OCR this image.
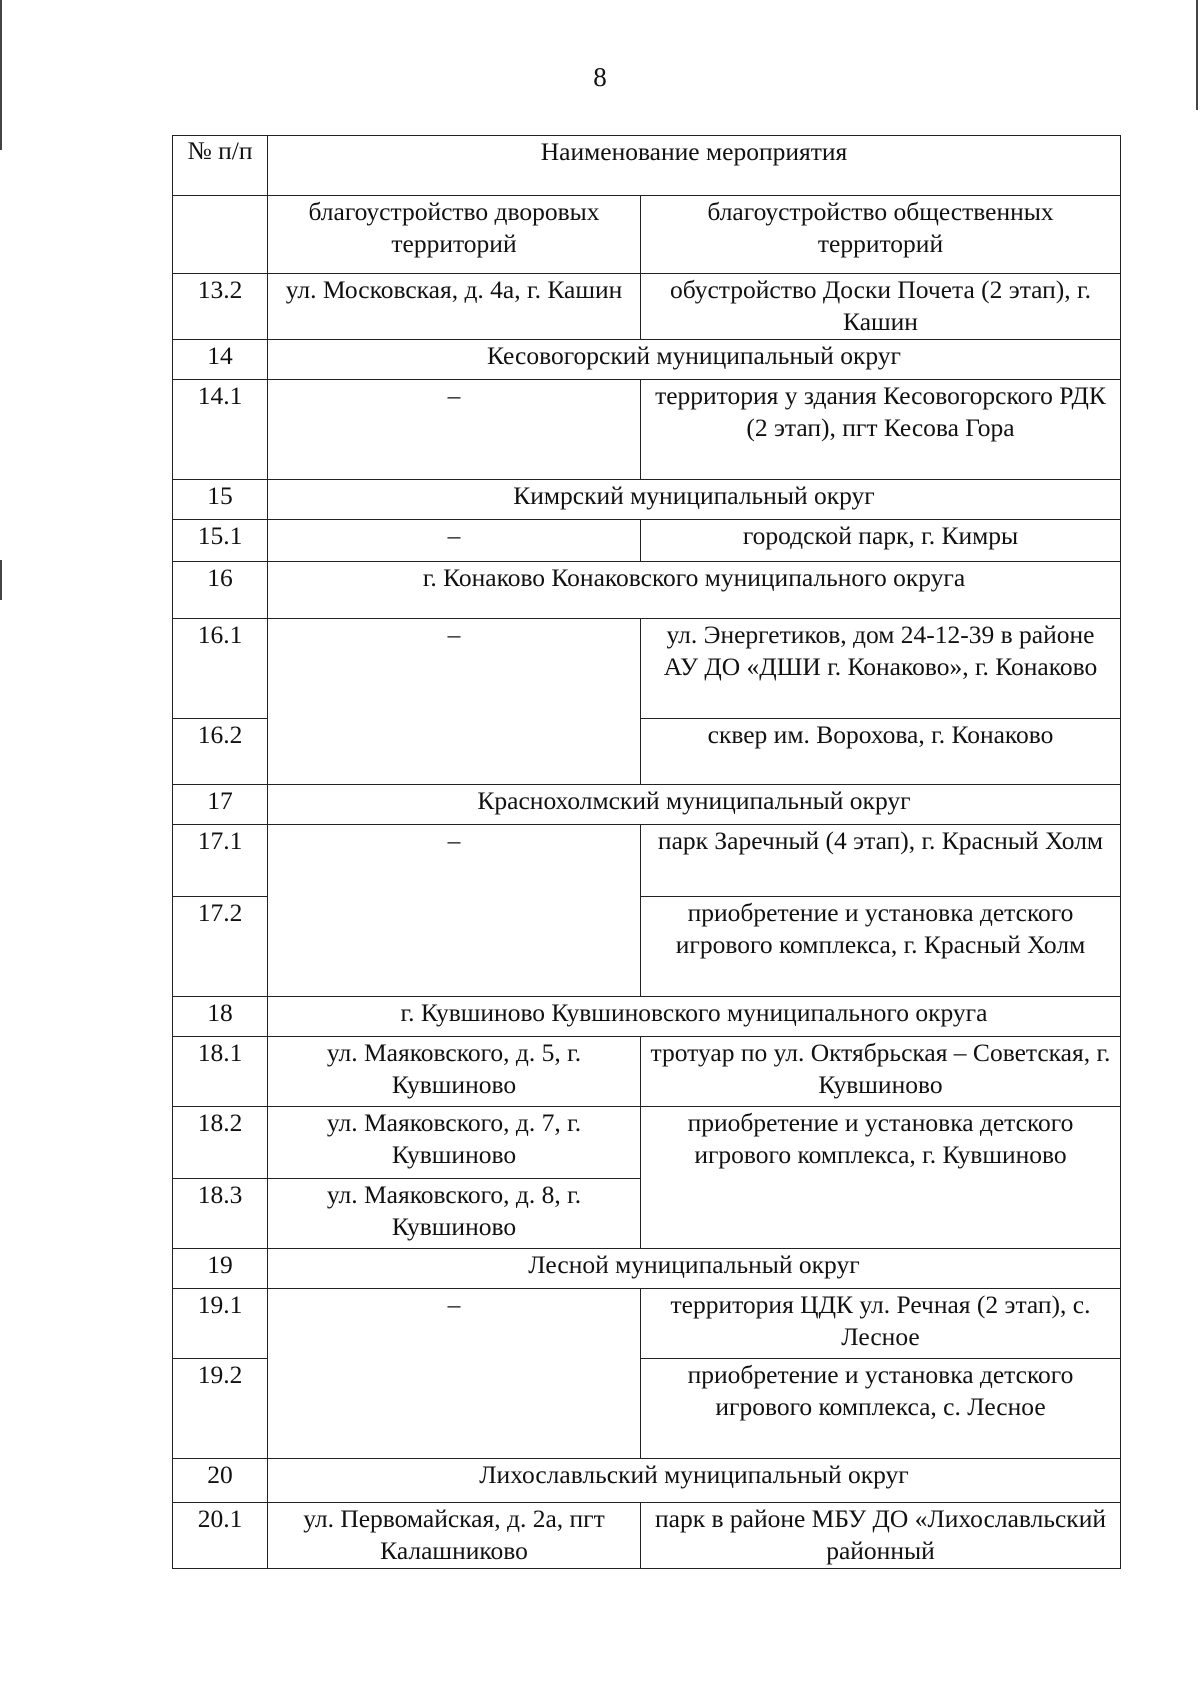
8
№ п/п	Наименование мероприятия	
	благоустройство дворовых территорий	благоустройство общественных территорий
13.2	ул. Московская, д. 4а, г. Кашин	обустройство Доски Почета (2 этап), г. Кашин
14	Кесовогорский муниципальный округ	
14.1	–	территория у здания Кесовогорского РДК (2 этап), пгт Кесова Гора
15	Кимрский муниципальный округ	
15.1	–	городской парк, г. Кимры
16	г. Конаково Конаковского муниципального округа	
16.1	–	ул. Энергетиков, дом 24-12-39 в районе АУ ДО «ДШИ г. Конаково», г. Конаково
16.2		сквер им. Ворохова, г. Конаково
17	Краснохолмский муниципальный округ	
17.1	–	парк Заречный (4 этап), г. Красный Холм
17.2		приобретение и установка детского игрового комплекса, г. Красный Холм
18	г. Кувшиново Кувшиновского муниципального округа	
18.1	ул. Маяковского, д. 5, г. Кувшиново	тротуар по ул. Октябрьская – Советская, г. Кувшиново
18.2	ул. Маяковского, д. 7, г. Кувшиново	приобретение и установка детского игрового комплекса, г. Кувшиново
18.3	ул. Маяковского, д. 8, г. Кувшиново	
19	Лесной муниципальный округ	
19.1	–	территория ЦДК ул. Речная (2 этап), с. Лесное
19.2		приобретение и установка детского игрового комплекса, с. Лесное
20	Лихославльский муниципальный округ	
20.1	ул. Первомайская, д. 2а, пгт Калашниково	парк в районе МБУ ДО «Лихославльский районный
